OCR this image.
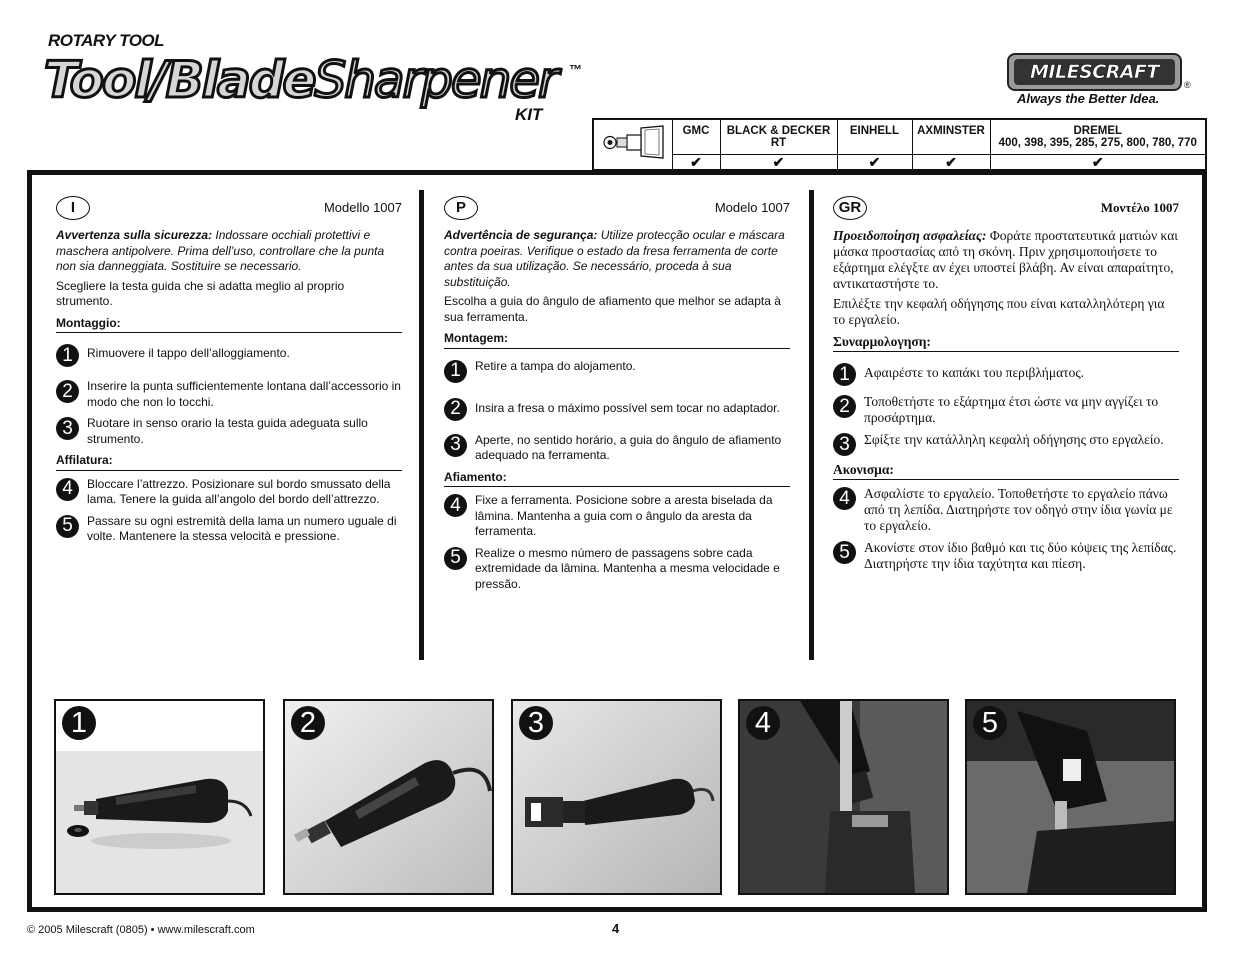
ROTARY TOOL
Tool/BladeSharpener ™
KIT
MILESCRAFT
®
Always the Better Idea.
	GMC	BLACK & DECKER RT	EINHELL	AXMINSTER	DREMEL
400, 398, 395, 285, 275, 800, 780, 770

	✔	✔	✔	✔	✔
I	Modello 1007
Avvertenza sulla sicurezza: Indossare occhiali protettivi e maschera antipolvere. Prima dell’uso, controllare che la punta non sia danneggiata. Sostituire se necessario.
Scegliere la testa guida che si adatta meglio al proprio strumento.
Montaggio:
1	Rimuovere il tappo dell’alloggiamento.
2	Inserire la punta sufficientemente lontana dall’accessorio in modo che non lo tocchi.
3	Ruotare in senso orario la testa guida adeguata sullo strumento.
Affilatura:
4	Bloccare l’attrezzo. Posizionare sul bordo smussato della lama. Tenere la guida all’angolo del bordo dell’attrezzo.
5	Passare su ogni estremità della lama un numero uguale di volte. Mantenere la stessa velocità e pressione.
P	Modelo 1007
Advertência de segurança: Utilize protecção ocular e máscara contra poeiras. Verifique o estado da fresa ferramenta de corte antes da sua utilização. Se necessário, proceda à sua substituição.
Escolha a guia do ângulo de afiamento que melhor se adapta à sua ferramenta.
Montagem:
1	Retire a tampa do alojamento.
2	Insira a fresa o máximo possível sem tocar no adaptador.
3	Aperte, no sentido horário, a guia do ângulo de afiamento adequado na ferramenta.
Afiamento:
4	Fixe a ferramenta. Posicione sobre a aresta biselada da lâmina. Mantenha a guia com o ângulo da aresta da ferramenta.
5	Realize o mesmo número de passagens sobre cada extremidade da lâmina. Mantenha a mesma velocidade e pressão.
GR	Μοντέλο 1007
Προειδοποίηση ασφαλείας: Φοράτε προστατευτικά ματιών και μάσκα προστασίας από τη σκόνη. Πριν χρησιμοποιήσετε το εξάρτημα ελέγξτε αν έχει υποστεί βλάβη. Αν είναι απαραίτητο, αντικαταστήστε το.
Επιλέξτε την κεφαλή οδήγησης που είναι καταλληλότερη για το εργαλείο.
Συναρμολογηση:
1	Αφαιρέστε το καπάκι του περιβλήματος.
2	Τοποθετήστε το εξάρτημα έτσι ώστε να μην αγγίζει το προσάρτημα.
3	Σφίξτε την κατάλληλη κεφαλή οδήγησης στο εργαλείο.
Ακονισμα:
4	Ασφαλίστε το εργαλείο. Τοποθετήστε το εργαλείο πάνω από τη λεπίδα. Διατηρήστε τον οδηγό στην ίδια γωνία με το εργαλείο.
5	Ακονίστε στον ίδιο βαθμό και τις δύο κόψεις της λεπίδας. Διατηρήστε την ίδια ταχύτητα και πίεση.
1	2	3	4	5
© 2005 Milescraft (0805) • www.milescraft.com	4
